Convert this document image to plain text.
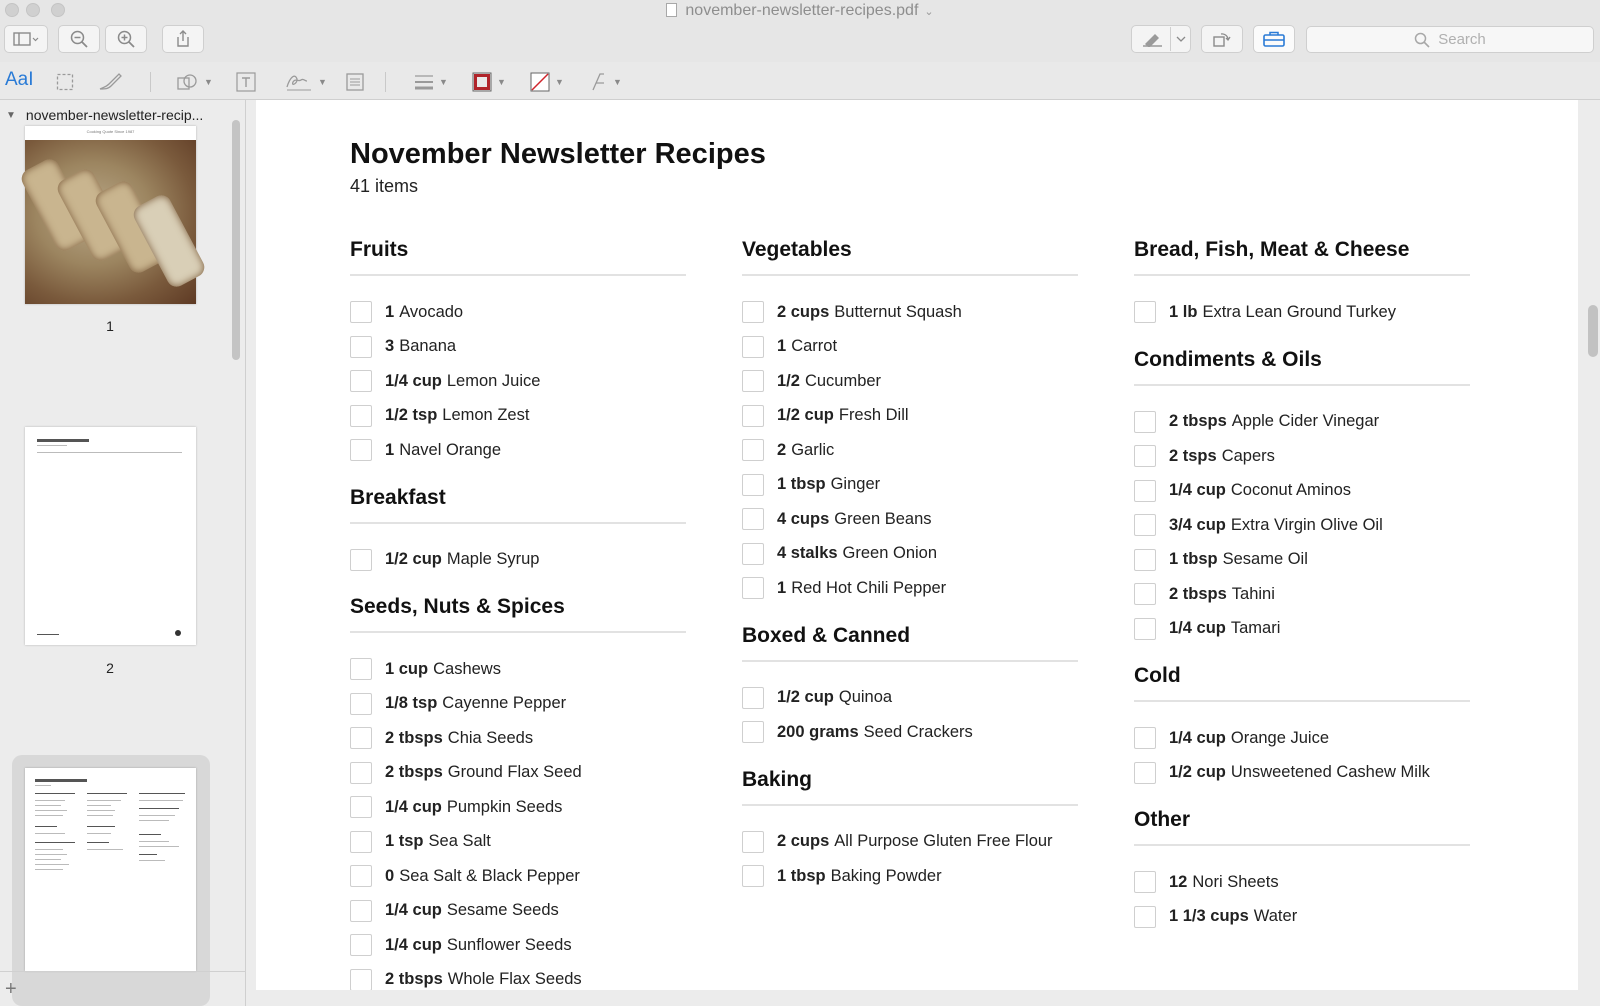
november-newsletter-recipes.pdf ⌄
Search
AaI	▼	▼	▼	▼	▼	▼
▼ november-newsletter-recip...
Cooking Quote Since 1987
1
2
+
November Newsletter Recipes
41 items
Fruits
1 Avocado
3 Banana
1/4 cup Lemon Juice
1/2 tsp Lemon Zest
1 Navel Orange
Breakfast
1/2 cup Maple Syrup
Seeds, Nuts & Spices
1 cup Cashews
1/8 tsp Cayenne Pepper
2 tbsps Chia Seeds
2 tbsps Ground Flax Seed
1/4 cup Pumpkin Seeds
1 tsp Sea Salt
0 Sea Salt & Black Pepper
1/4 cup Sesame Seeds
1/4 cup Sunflower Seeds
2 tbsps Whole Flax Seeds
Vegetables
2 cups Butternut Squash
1 Carrot
1/2 Cucumber
1/2 cup Fresh Dill
2 Garlic
1 tbsp Ginger
4 cups Green Beans
4 stalks Green Onion
1 Red Hot Chili Pepper
Boxed & Canned
1/2 cup Quinoa
200 grams Seed Crackers
Baking
2 cups All Purpose Gluten Free Flour
1 tbsp Baking Powder
Bread, Fish, Meat & Cheese
1 lb Extra Lean Ground Turkey
Condiments & Oils
2 tbsps Apple Cider Vinegar
2 tsps Capers
1/4 cup Coconut Aminos
3/4 cup Extra Virgin Olive Oil
1 tbsp Sesame Oil
2 tbsps Tahini
1/4 cup Tamari
Cold
1/4 cup Orange Juice
1/2 cup Unsweetened Cashew Milk
Other
12 Nori Sheets
1 1/3 cups Water
